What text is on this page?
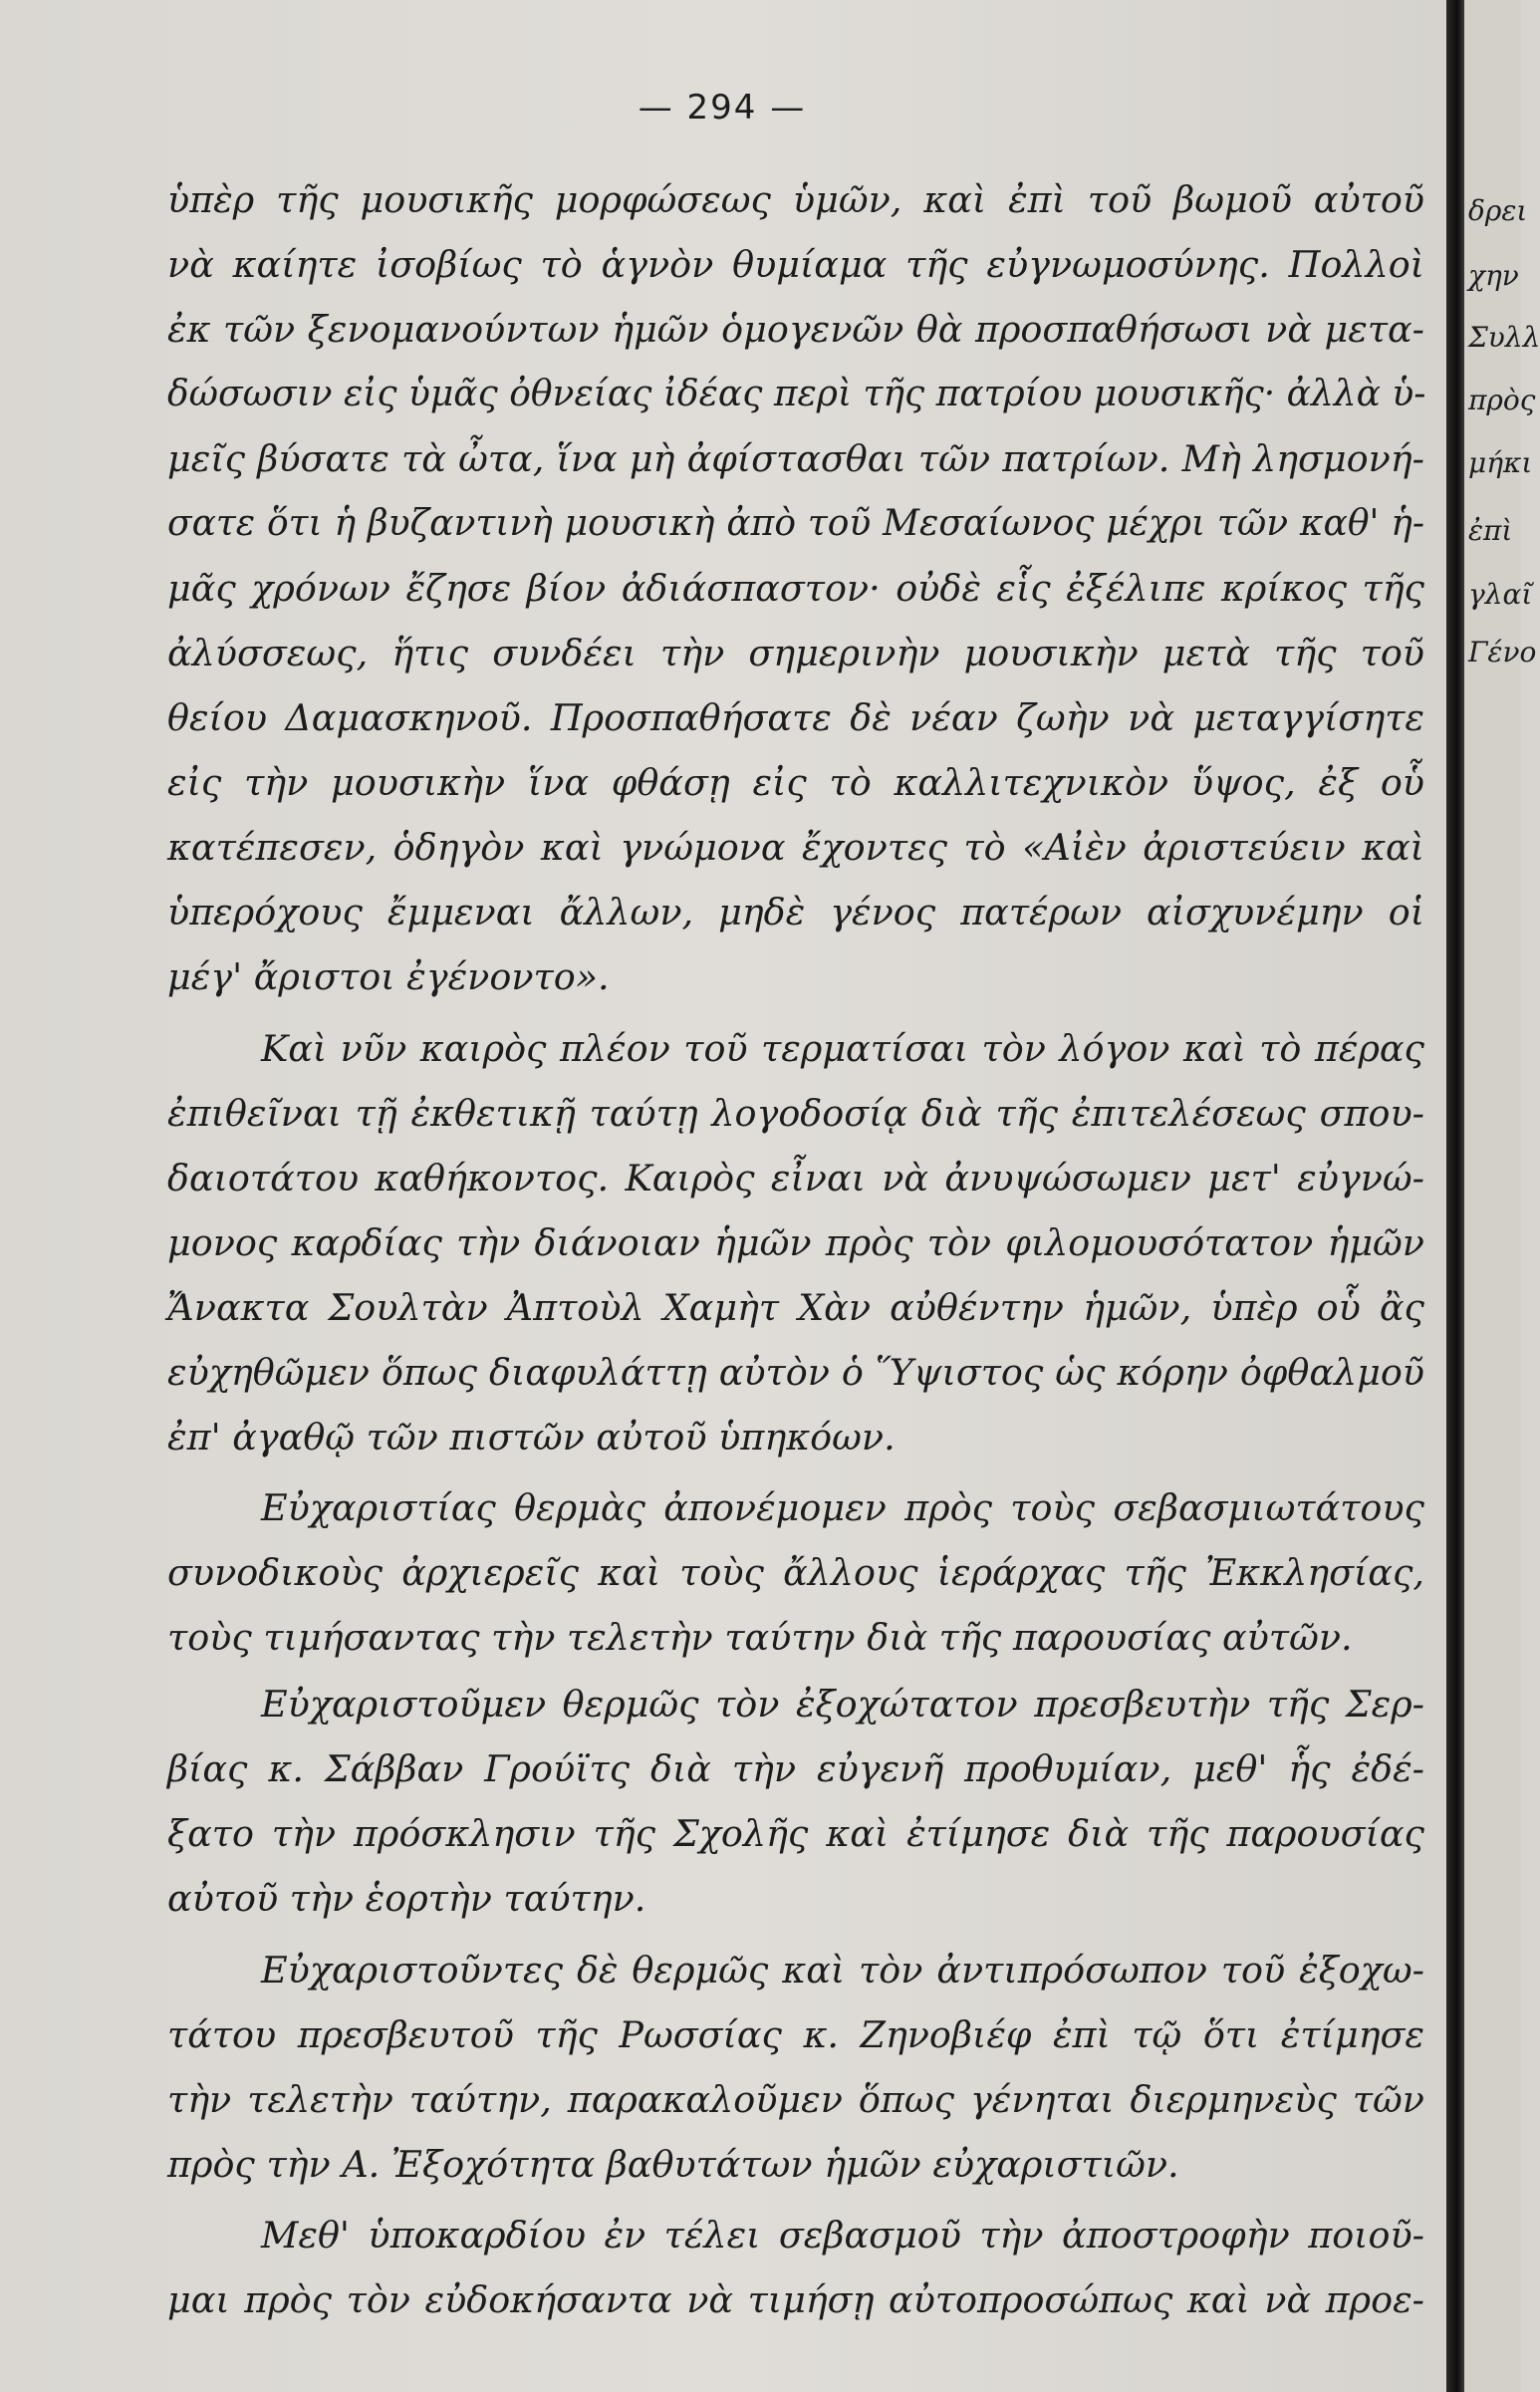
— 294 —
ὑπὲρ τῆς μουσικῆς μορφώσεως ὑμῶν, καὶ ἐπὶ τοῦ βωμοῦ αὐτοῦ
νὰ καίητε ἰσοβίως τὸ ἁγνὸν θυμίαμα τῆς εὐγνωμοσύνης. Πολλοὶ
ἐκ τῶν ξενομανούντων ἡμῶν ὁμογενῶν θὰ προσπαθήσωσι νὰ μετα-
δώσωσιν εἰς ὑμᾶς ὀθνείας ἰδέας περὶ τῆς πατρίου μουσικῆς· ἀλλὰ ὑ-
μεῖς βύσατε τὰ ὦτα, ἵνα μὴ ἀφίστασθαι τῶν πατρίων. Μὴ λησμονή-
σατε ὅτι ἡ βυζαντινὴ μουσικὴ ἀπὸ τοῦ Μεσαίωνος μέχρι τῶν καθ' ἡ-
μᾶς χρόνων ἔζησε βίον ἀδιάσπαστον· οὐδὲ εἷς ἐξέλιπε κρίκος τῆς
ἀλύσσεως, ἥτις συνδέει τὴν σημερινὴν μουσικὴν μετὰ τῆς τοῦ
θείου Δαμασκηνοῦ. Προσπαθήσατε δὲ νέαν ζωὴν νὰ μεταγγίσητε
εἰς τὴν μουσικὴν ἵνα φθάσῃ εἰς τὸ καλλιτεχνικὸν ὕψος, ἐξ οὗ
κατέπεσεν, ὁδηγὸν καὶ γνώμονα ἔχοντες τὸ «Αἰὲν ἀριστεύειν καὶ
ὑπερόχους ἔμμεναι ἄλλων, μηδὲ γένος πατέρων αἰσχυνέμην οἱ
μέγ' ἄριστοι ἐγένοντο».
Καὶ νῦν καιρὸς πλέον τοῦ τερματίσαι τὸν λόγον καὶ τὸ πέρας
ἐπιθεῖναι τῇ ἐκθετικῇ ταύτῃ λογοδοσίᾳ διὰ τῆς ἐπιτελέσεως σπου-
δαιοτάτου καθήκοντος. Καιρὸς εἶναι νὰ ἀνυψώσωμεν μετ' εὐγνώ-
μονος καρδίας τὴν διάνοιαν ἡμῶν πρὸς τὸν φιλομουσότατον ἡμῶν
Ἄνακτα Σουλτὰν Ἀπτοὺλ Χαμὴτ Χὰν αὐθέντην ἡμῶν, ὑπὲρ οὗ ἂς
εὐχηθῶμεν ὅπως διαφυλάττῃ αὐτὸν ὁ Ὕψιστος ὡς κόρην ὀφθαλμοῦ
ἐπ' ἀγαθῷ τῶν πιστῶν αὐτοῦ ὑπηκόων.
Εὐχαριστίας θερμὰς ἀπονέμομεν πρὸς τοὺς σεβασμιωτάτους
συνοδικοὺς ἀρχιερεῖς καὶ τοὺς ἄλλους ἱεράρχας τῆς Ἐκκλησίας,
τοὺς τιμήσαντας τὴν τελετὴν ταύτην διὰ τῆς παρουσίας αὐτῶν.
Εὐχαριστοῦμεν θερμῶς τὸν ἐξοχώτατον πρεσβευτὴν τῆς Σερ-
βίας κ. Σάββαν Γρούϊτς διὰ τὴν εὐγενῆ προθυμίαν, μεθ' ἧς ἐδέ-
ξατο τὴν πρόσκλησιν τῆς Σχολῆς καὶ ἐτίμησε διὰ τῆς παρουσίας
αὐτοῦ τὴν ἑορτὴν ταύτην.
Εὐχαριστοῦντες δὲ θερμῶς καὶ τὸν ἀντιπρόσωπον τοῦ ἐξοχω-
τάτου πρεσβευτοῦ τῆς Ρωσσίας κ. Ζηνοβιέφ ἐπὶ τῷ ὅτι ἐτίμησε
τὴν τελετὴν ταύτην, παρακαλοῦμεν ὅπως γένηται διερμηνεὺς τῶν
πρὸς τὴν Α. Ἐξοχότητα βαθυτάτων ἡμῶν εὐχαριστιῶν.
Μεθ' ὑποκαρδίου ἐν τέλει σεβασμοῦ τὴν ἀποστροφὴν ποιοῦ-
μαι πρὸς τὸν εὐδοκήσαντα νὰ τιμήσῃ αὐτοπροσώπως καὶ νὰ προε-
δρει
χην
Συλλ
πρὸς
μήκι
ἐπὶ
γλαῖ
Γένο
